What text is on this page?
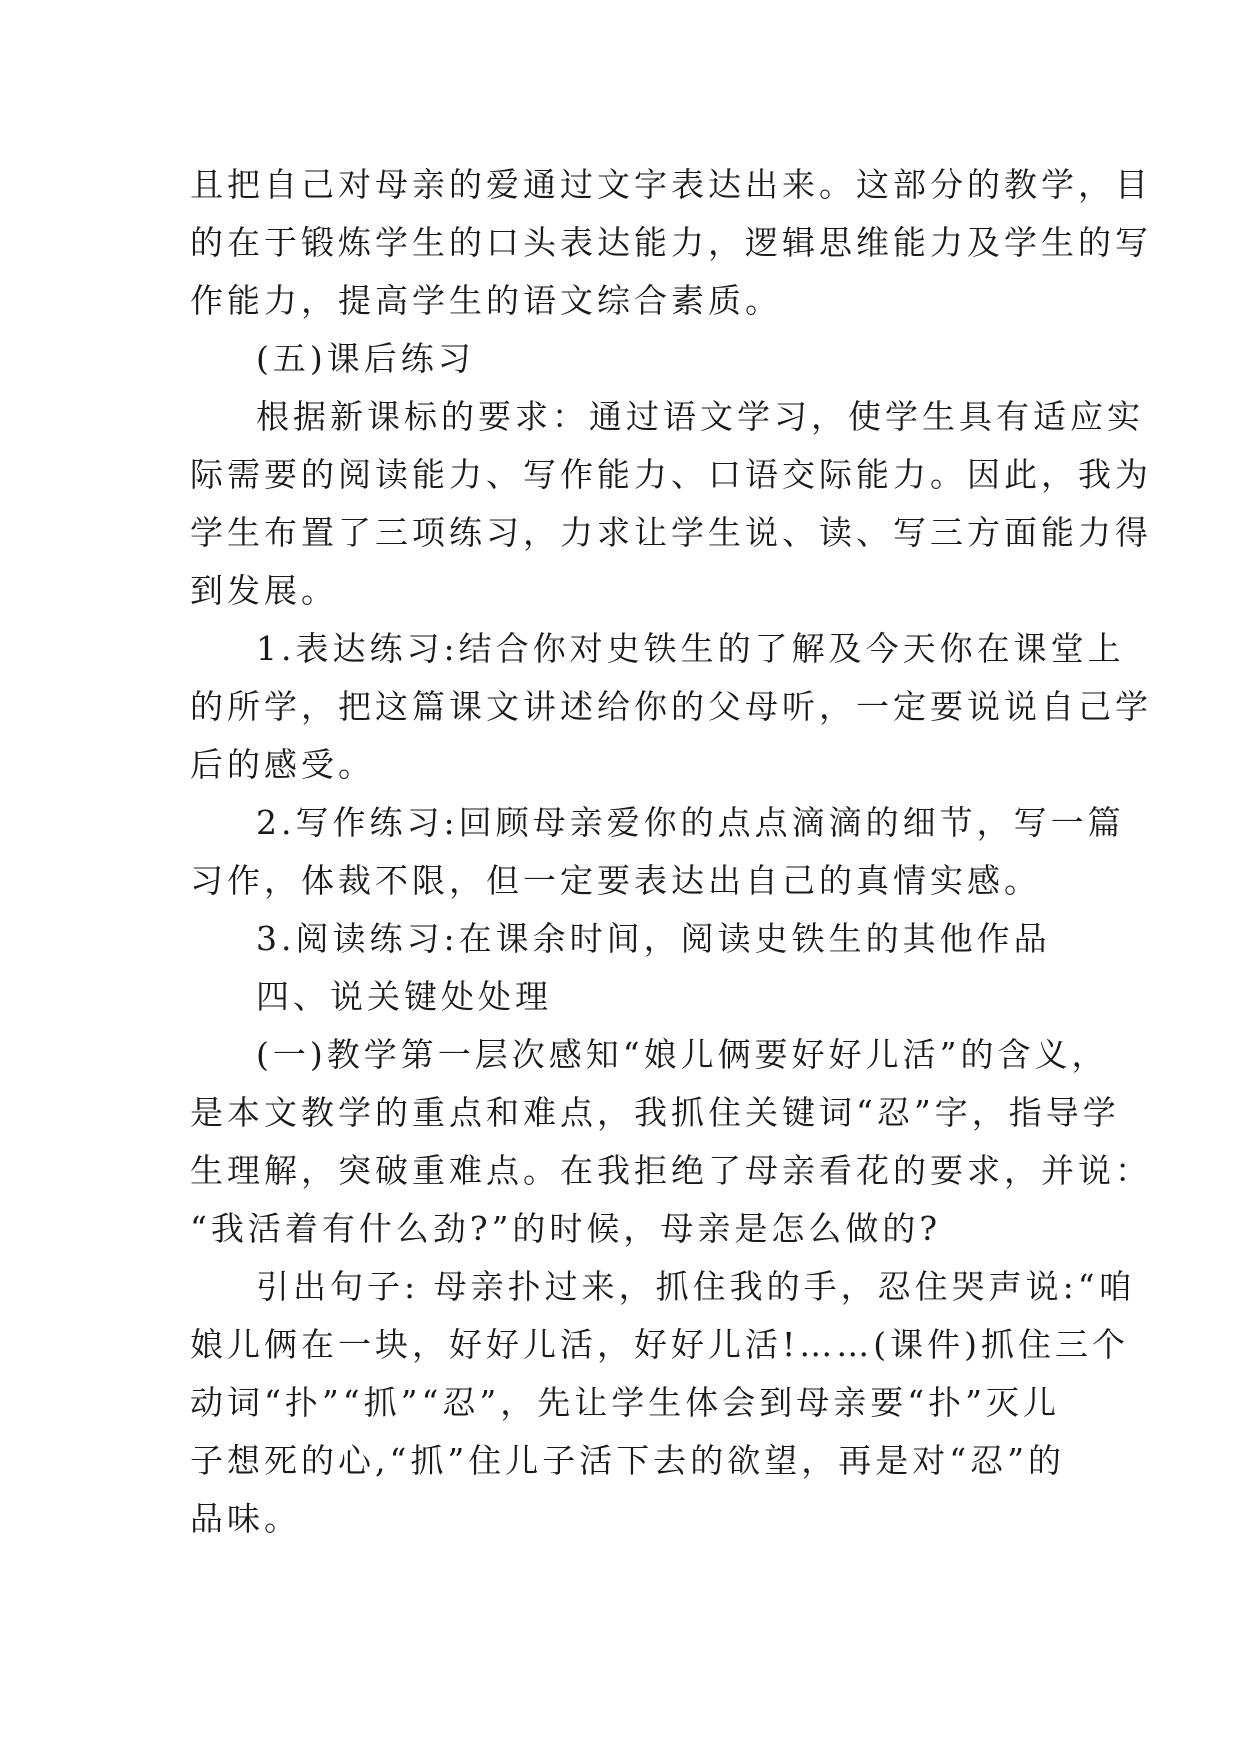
且把自己对母亲的爱通过文字表达出来。这部分的教学，目
的在于锻炼学生的口头表达能力，逻辑思维能力及学生的写
作能力，提高学生的语文综合素质。
(五)课后练习
根据新课标的要求：通过语文学习，使学生具有适应实
际需要的阅读能力、写作能力、口语交际能力。因此，我为
学生布置了三项练习，力求让学生说、读、写三方面能力得
到发展。
1.表达练习:结合你对史铁生的了解及今天你在课堂上
的所学，把这篇课文讲述给你的父母听，一定要说说自己学
后的感受。
2.写作练习:回顾母亲爱你的点点滴滴的细节，写一篇
习作，体裁不限，但一定要表达出自己的真情实感。
3.阅读练习:在课余时间，阅读史铁生的其他作品
四、说关键处处理
(一)教学第一层次感知“娘儿俩要好好儿活”的含义，
是本文教学的重点和难点，我抓住关键词“忍”字，指导学
生理解，突破重难点。在我拒绝了母亲看花的要求，并说：
“我活着有什么劲?”的时候，母亲是怎么做的?
引出句子: 母亲扑过来，抓住我的手，忍住哭声说:“咱
娘儿俩在一块，好好儿活，好好儿活!……(课件)抓住三个
动词“扑”“抓”“忍”，先让学生体会到母亲要“扑”灭儿
子想死的心,“抓”住儿子活下去的欲望，再是对“忍”的
品味。
